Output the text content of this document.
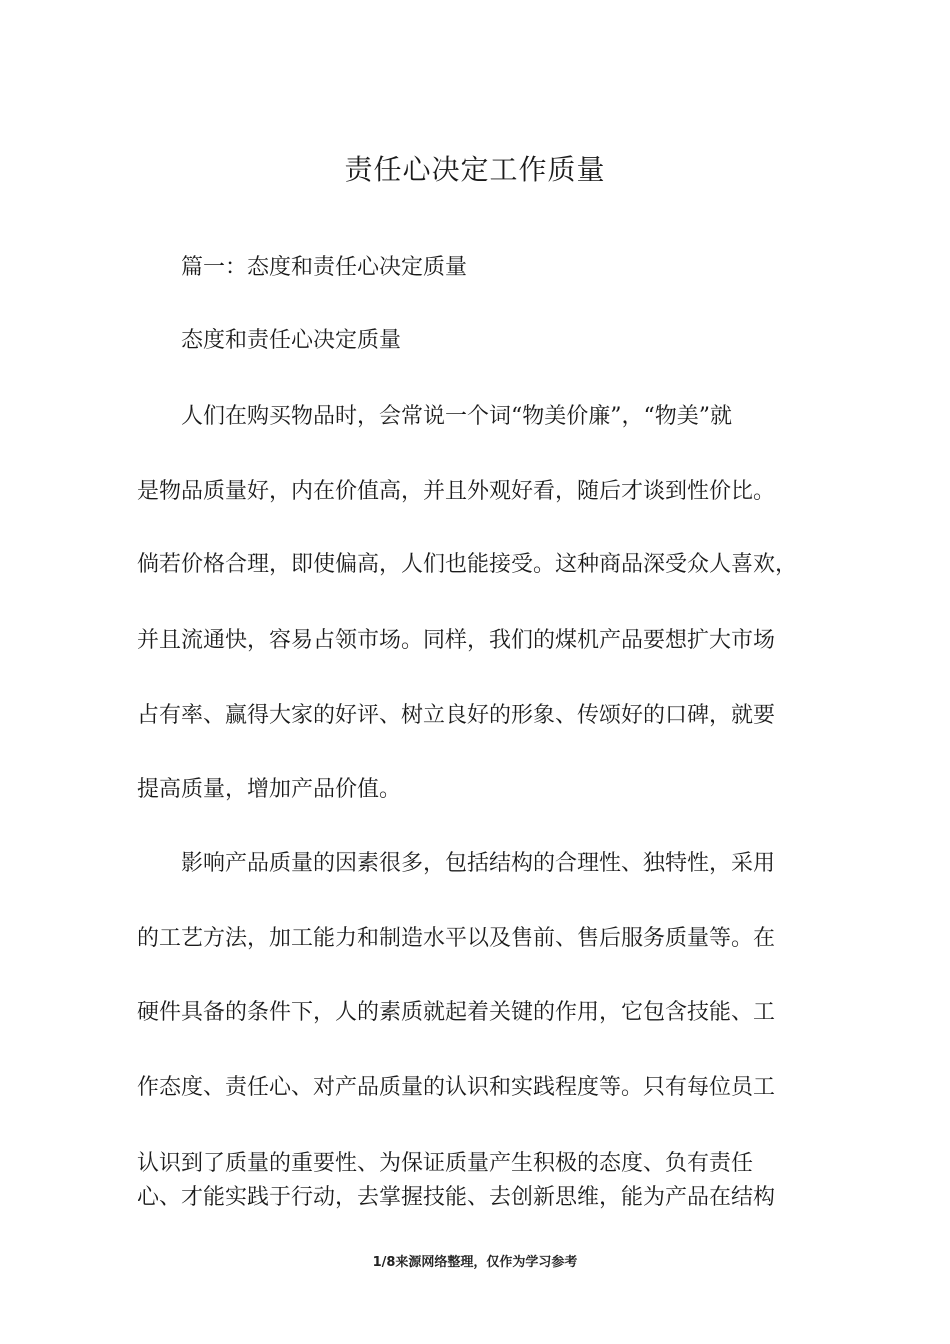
责任心决定工作质量

篇一：态度和责任心决定质量

态度和责任心决定质量

人们在购买物品时，会常说一个词“物美价廉”，“物美”就

是物品质量好，内在价值高，并且外观好看，随后才谈到性价比。

倘若价格合理，即使偏高，人们也能接受。这种商品深受众人喜欢，

并且流通快，容易占领市场。同样，我们的煤机产品要想扩大市场

占有率、赢得大家的好评、树立良好的形象、传颂好的口碑，就要

提高质量，增加产品价值。

影响产品质量的因素很多，包括结构的合理性、独特性，采用

的工艺方法，加工能力和制造水平以及售前、售后服务质量等。在

硬件具备的条件下，人的素质就起着关键的作用，它包含技能、工

作态度、责任心、对产品质量的认识和实践程度等。只有每位员工

认识到了质量的重要性、为保证质量产生积极的态度、负有责任

心、才能实践于行动，去掌握技能、去创新思维，能为产品在结构

1/8来源网络整理，仅作为学习参考
